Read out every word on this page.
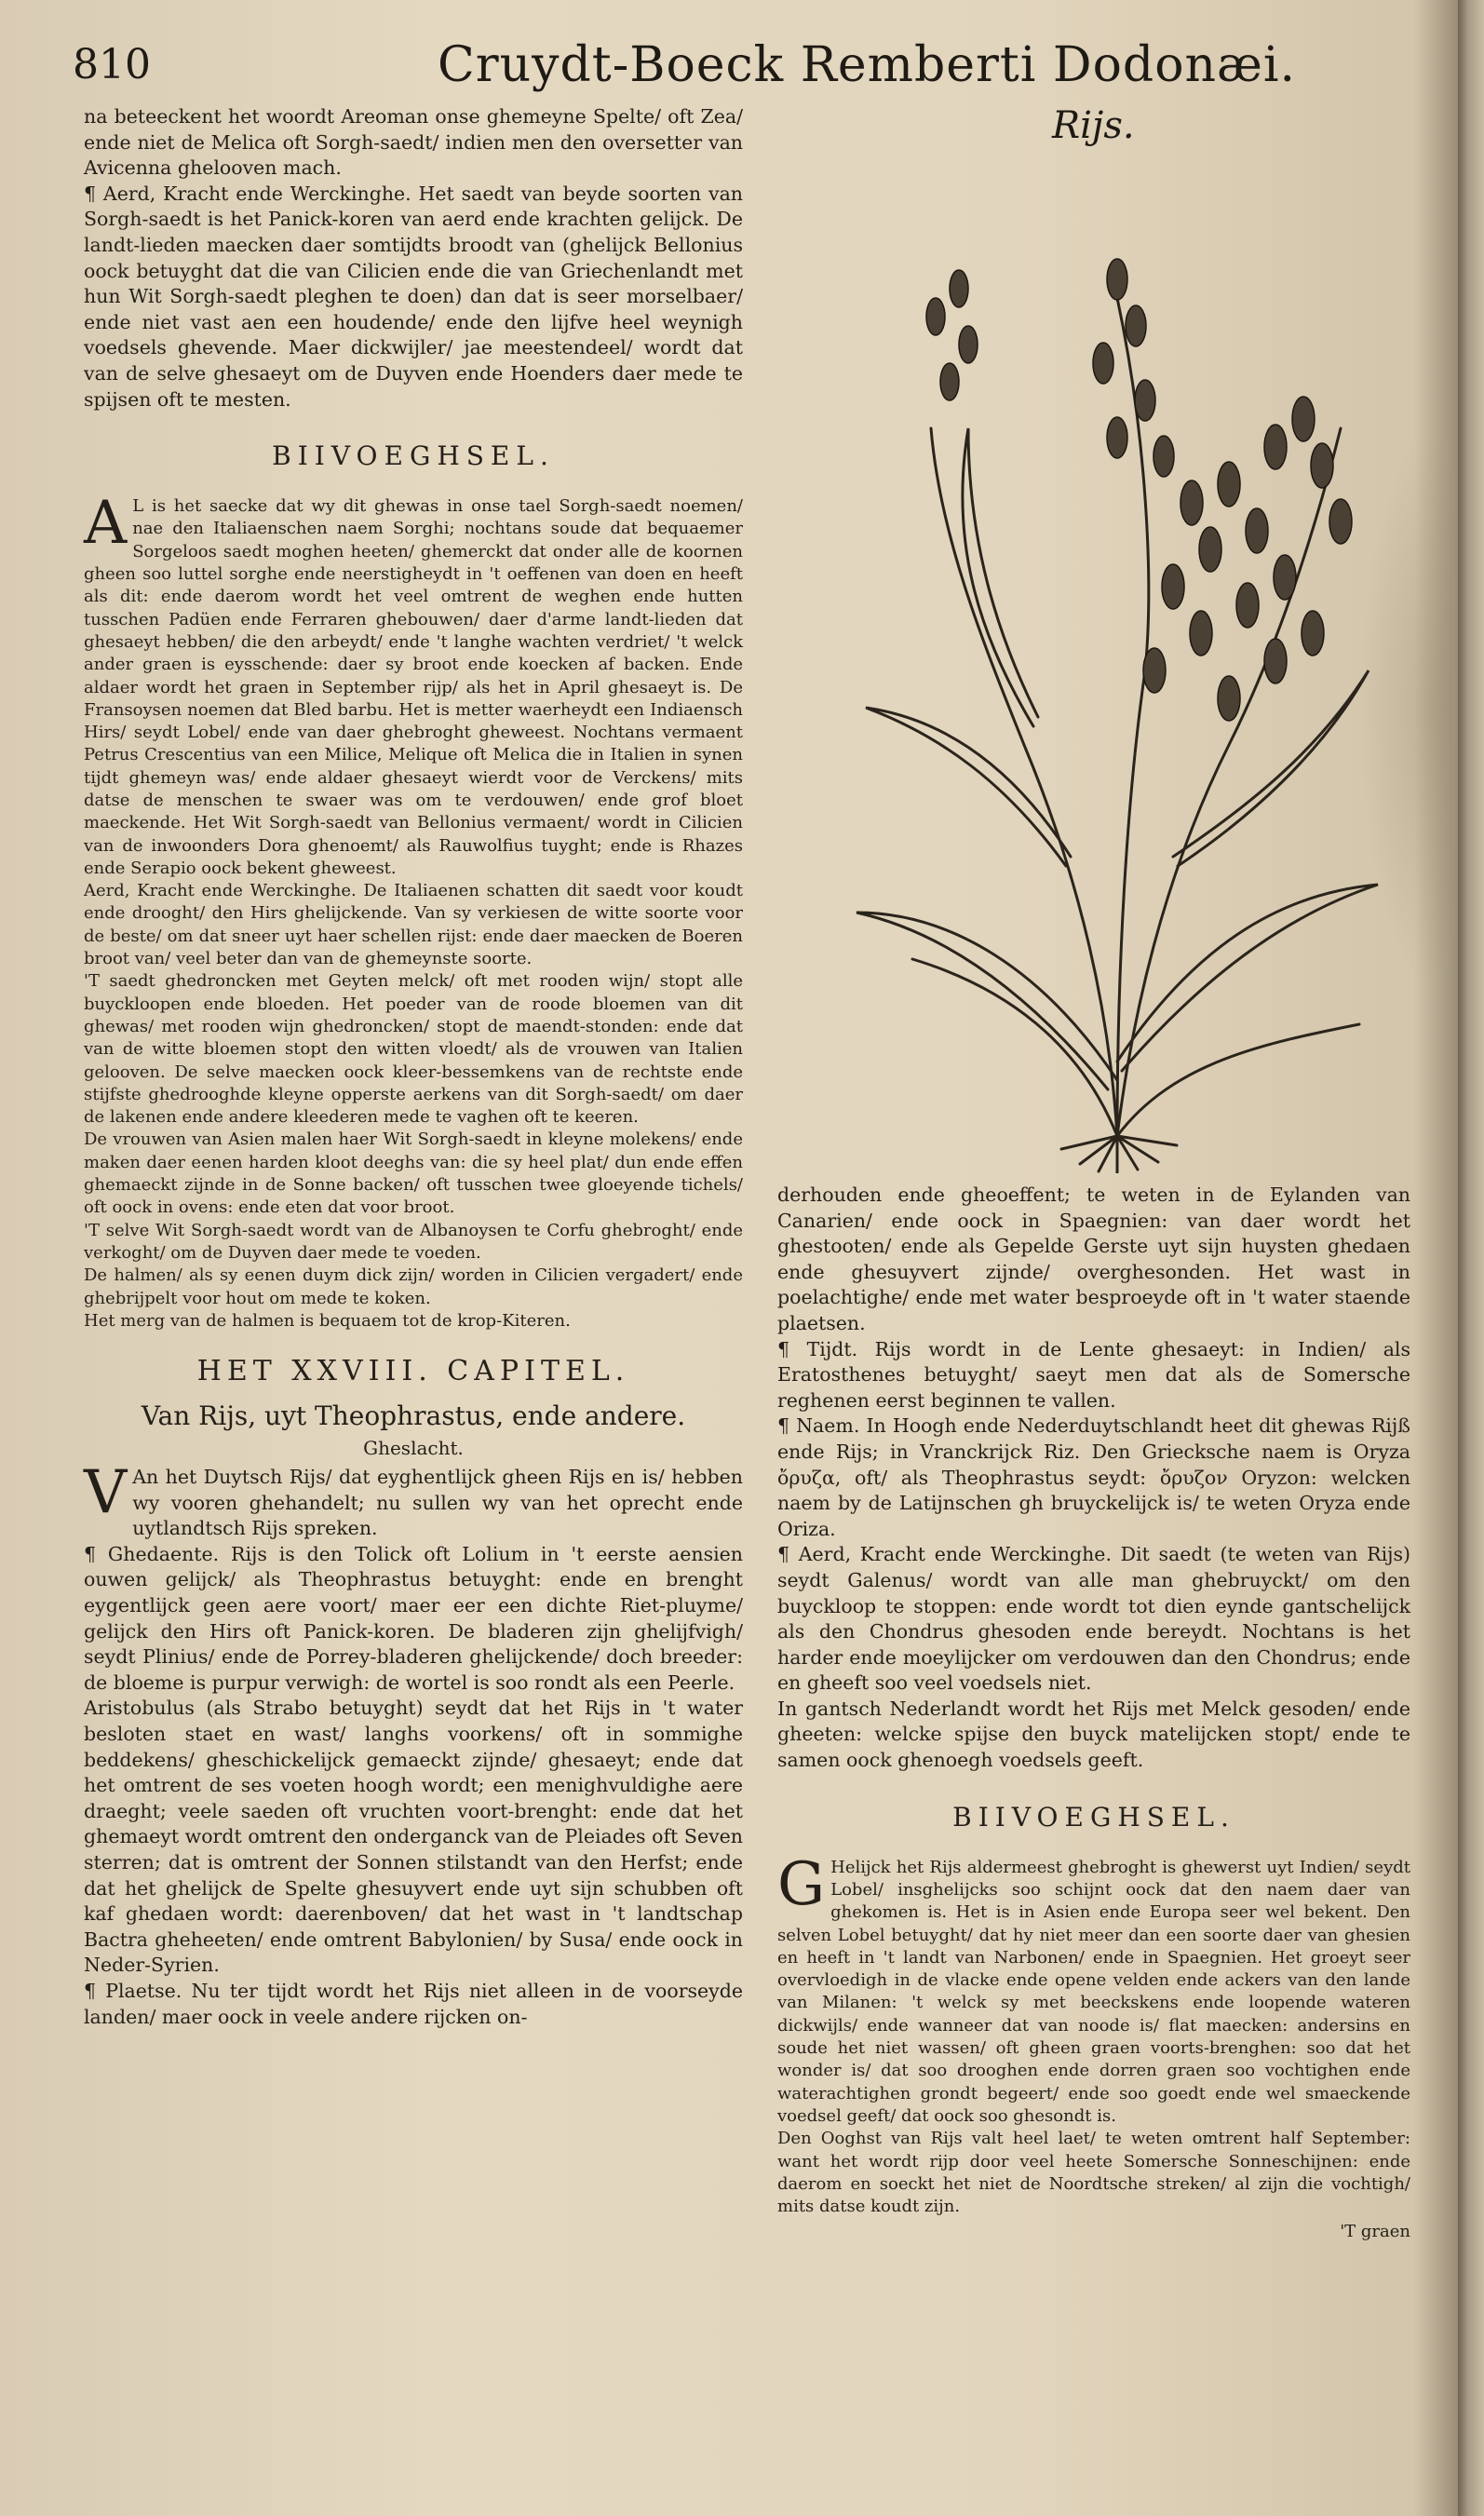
810	Cruydt-Boeck Remberti Dodonæi.

na beteeckent het woordt Areoman onse ghemeyne Spelte/ oft Zea/ ende niet de Melica oft Sorgh-saedt/ indien men den oversetter van Avicenna ghelooven mach.

¶ Aerd, Kracht ende Werckinghe. Het saedt van beyde soorten van Sorgh-saedt is het Panick-koren van aerd ende krachten gelijck. De landt-lieden maecken daer somtijdts broodt van (ghelijck Bellonius oock betuyght dat die van Cilicien ende die van Griechenlandt met hun Wit Sorgh-saedt pleghen te doen) dan dat is seer morselbaer/ ende niet vast aen een houdende/ ende den lijfve heel weynigh voedsels ghevende. Maer dickwijler/ jae meestendeel/ wordt dat van de selve ghesaeyt om de Duyven ende Hoenders daer mede te spijsen oft te mesten.

BIIVOEGHSEL.

A L is het saecke dat wy dit ghewas in onse tael Sorgh-saedt noemen/ nae den Italiaenschen naem Sorghi; nochtans soude dat bequaemer Sorgeloos saedt moghen heeten/ ghemerckt dat onder alle de koornen gheen soo luttel sorghe ende neerstigheydt in 't oeffenen van doen en heeft als dit: ende daerom wordt het veel omtrent de weghen ende hutten tusschen Padüen ende Ferraren ghebouwen/ daer d'arme landt-lieden dat ghesaeyt hebben/ die den arbeydt/ ende 't langhe wachten verdriet/ 't welck ander graen is eysschende: daer sy broot ende koecken af backen. Ende aldaer wordt het graen in September rijp/ als het in April ghesaeyt is. De Fransoysen noemen dat Bled barbu. Het is metter waerheydt een Indiaensch Hirs/ seydt Lobel/ ende van daer ghebroght gheweest. Nochtans vermaent Petrus Crescentius van een Milice, Melique oft Melica die in Italien in synen tijdt ghemeyn was/ ende aldaer ghesaeyt wierdt voor de Verckens/ mits datse de menschen te swaer was om te verdouwen/ ende grof bloet maeckende. Het Wit Sorgh-saedt van Bellonius vermaent/ wordt in Cilicien van de inwoonders Dora ghenoemt/ als Rauwolfius tuyght; ende is Rhazes ende Serapio oock bekent gheweest.

Aerd, Kracht ende Werckinghe. De Italiaenen schatten dit saedt voor koudt ende drooght/ den Hirs ghelijckende. Van sy verkiesen de witte soorte voor de beste/ om dat sneer uyt haer schellen rijst: ende daer maecken de Boeren broot van/ veel beter dan van de ghemeynste soorte.

'T saedt ghedroncken met Geyten melck/ oft met rooden wijn/ stopt alle buyckloopen ende bloeden. Het poeder van de roode bloemen van dit ghewas/ met rooden wijn ghedroncken/ stopt de maendt-stonden: ende dat van de witte bloemen stopt den witten vloedt/ als de vrouwen van Italien gelooven. De selve maecken oock kleer-bessemkens van de rechtste ende stijfste ghedrooghde kleyne opperste aerkens van dit Sorgh-saedt/ om daer de lakenen ende andere kleederen mede te vaghen oft te keeren.

De vrouwen van Asien malen haer Wit Sorgh-saedt in kleyne molekens/ ende maken daer eenen harden kloot deeghs van: die sy heel plat/ dun ende effen ghemaeckt zijnde in de Sonne backen/ oft tusschen twee gloeyende tichels/ oft oock in ovens: ende eten dat voor broot.

'T selve Wit Sorgh-saedt wordt van de Albanoysen te Corfu ghebroght/ ende verkoght/ om de Duyven daer mede te voeden.

De halmen/ als sy eenen duym dick zijn/ worden in Cilicien vergadert/ ende ghebrijpelt voor hout om mede te koken.

Het merg van de halmen is bequaem tot de krop-Kiteren.

HET XXVIII. CAPITEL.
Van Rijs, uyt Theophrastus, ende andere.
Gheslacht.

V An het Duytsch Rijs/ dat eyghentlijck gheen Rijs en is/ hebben wy vooren ghehandelt; nu sullen wy van het oprecht ende uytlandtsch Rijs spreken.

¶ Ghedaente. Rijs is den Tolick oft Lolium in 't eerste aensien ouwen gelijck/ als Theophrastus betuyght: ende en brenght eygentlijck geen aere voort/ maer eer een dichte Riet-pluyme/ gelijck den Hirs oft Panick-koren. De bladeren zijn ghelijfvigh/ seydt Plinius/ ende de Porrey-bladeren ghelijckende/ doch breeder: de bloeme is purpur verwigh: de wortel is soo rondt als een Peerle.

Aristobulus (als Strabo betuyght) seydt dat het Rijs in 't water besloten staet en wast/ langhs voorkens/ oft in sommighe beddekens/ gheschickelijck gemaeckt zijnde/ ghesaeyt; ende dat het omtrent de ses voeten hoogh wordt; een menighvuldighe aere draeght; veele saeden oft vruchten voort-brenght: ende dat het ghemaeyt wordt omtrent den onderganck van de Pleiades oft Seven sterren; dat is omtrent der Sonnen stilstandt van den Herfst; ende dat het ghelijck de Spelte ghesuyvert ende uyt sijn schubben oft kaf ghedaen wordt: daerenboven/ dat het wast in 't landtschap Bactra gheheeten/ ende omtrent Babylonien/ by Susa/ ende oock in Neder-Syrien.

¶ Plaetse. Nu ter tijdt wordt het Rijs niet alleen in de voorseyde landen/ maer oock in veele andere rijcken on-

Rijs.

derhouden ende gheoeffent; te weten in de Eylanden van Canarien/ ende oock in Spaegnien: van daer wordt het ghestooten/ ende als Gepelde Gerste uyt sijn huysten ghedaen ende ghesuyvert zijnde/ overghesonden. Het wast in poelachtighe/ ende met water besproeyde oft in 't water staende plaetsen.

¶ Tijdt. Rijs wordt in de Lente ghesaeyt: in Indien/ als Eratosthenes betuyght/ saeyt men dat als de Somersche reghenen eerst beginnen te vallen.

¶ Naem. In Hoogh ende Nederduytschlandt heet dit ghewas Rijß ende Rijs; in Vranckrijck Riz. Den Griecksche naem is Oryza ὄρυζα, oft/ als Theophrastus seydt: ὄρυζον Oryzon: welcken naem by de Latijnschen gh bruyckelijck is/ te weten Oryza ende Oriza.

¶ Aerd, Kracht ende Werckinghe. Dit saedt (te weten van Rijs) seydt Galenus/ wordt van alle man ghebruyckt/ om den buyckloop te stoppen: ende wordt tot dien eynde gantschelijck als den Chondrus ghesoden ende bereydt. Nochtans is het harder ende moeylijcker om verdouwen dan den Chondrus; ende en gheeft soo veel voedsels niet.

In gantsch Nederlandt wordt het Rijs met Melck gesoden/ ende gheeten: welcke spijse den buyck matelijcken stopt/ ende te samen oock ghenoegh voedsels geeft.

BIIVOEGHSEL.

G Helijck het Rijs aldermeest ghebroght is ghewerst uyt Indien/ seydt Lobel/ insghelijcks soo schijnt oock dat den naem daer van ghekomen is. Het is in Asien ende Europa seer wel bekent. Den selven Lobel betuyght/ dat hy niet meer dan een soorte daer van ghesien en heeft in 't landt van Narbonen/ ende in Spaegnien. Het groeyt seer overvloedigh in de vlacke ende opene velden ende ackers van den lande van Milanen: 't welck sy met beeckskens ende loopende wateren dickwijls/ ende wanneer dat van noode is/ flat maecken: andersins en soude het niet wassen/ oft gheen graen voorts-brenghen: soo dat het wonder is/ dat soo drooghen ende dorren graen soo vochtighen ende waterachtighen grondt begeert/ ende soo goedt ende wel smaeckende voedsel geeft/ dat oock soo ghesondt is.

Den Ooghst van Rijs valt heel laet/ te weten omtrent half September: want het wordt rijp door veel heete Somersche Sonneschijnen: ende daerom en soeckt het niet de Noordtsche streken/ al zijn die vochtigh/ mits datse koudt zijn.

'T graen
